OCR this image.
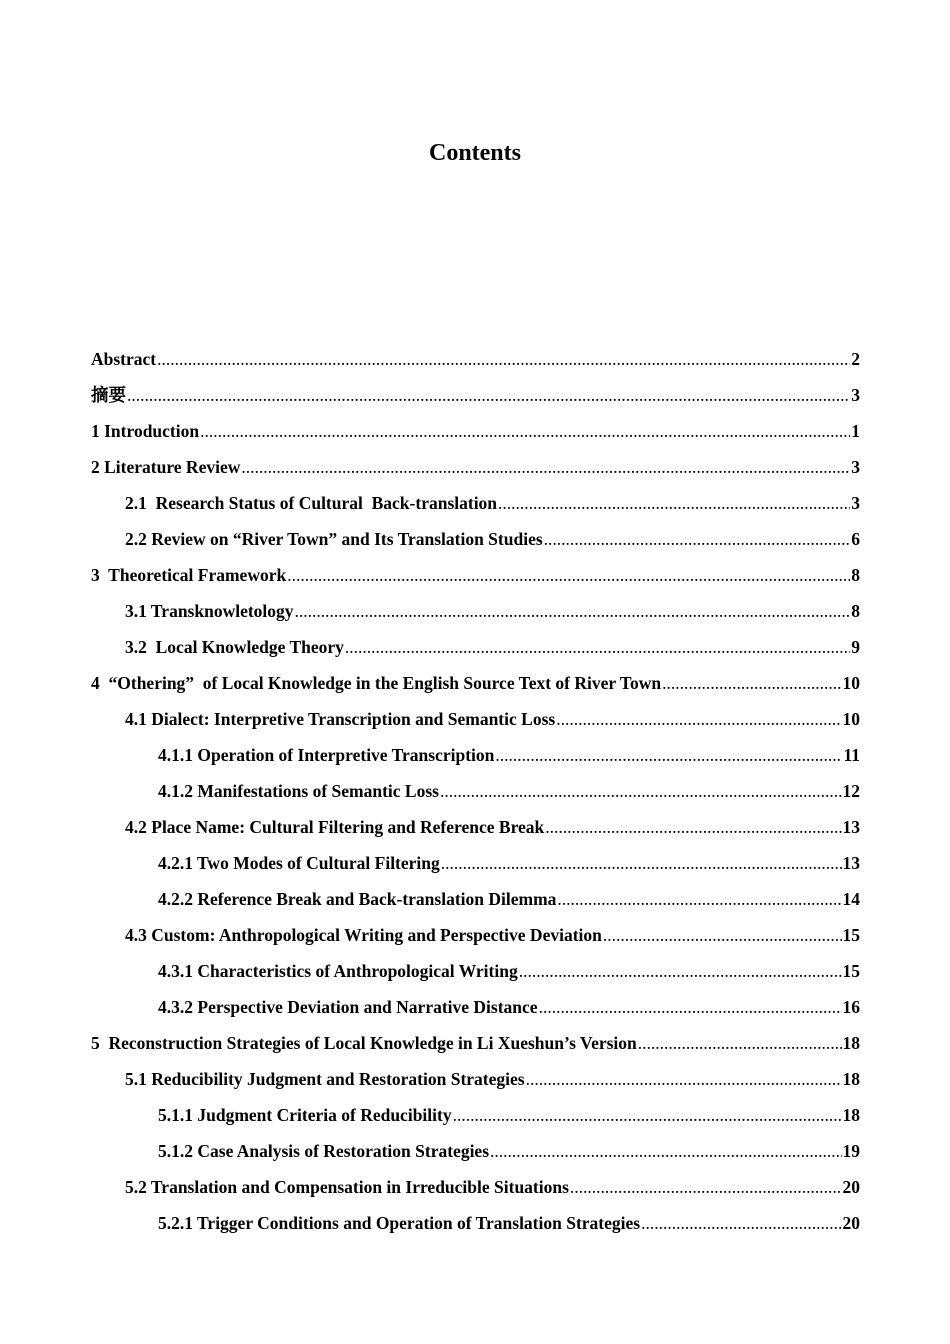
Contents
Abstract .....	2
摘要 .....	3
1 Introduction .....	1
2 Literature Review .....	3
2.1  Research Status of Cultural  Back-translation .....	3
2.2 Review on “River Town” and Its Translation Studies .....	6
3  Theoretical Framework .....	8
3.1 Transknowletology .....	8
3.2  Local Knowledge Theory .....	9
4  “Othering”  of Local Knowledge in the English Source Text of River Town .....	10
4.1 Dialect: Interpretive Transcription and Semantic Loss .....	10
4.1.1 Operation of Interpretive Transcription .....	11
4.1.2 Manifestations of Semantic Loss .....	12
4.2 Place Name: Cultural Filtering and Reference Break .....	13
4.2.1 Two Modes of Cultural Filtering .....	13
4.2.2 Reference Break and Back-translation Dilemma .....	14
4.3 Custom: Anthropological Writing and Perspective Deviation .....	15
4.3.1 Characteristics of Anthropological Writing .....	15
4.3.2 Perspective Deviation and Narrative Distance .....	16
5  Reconstruction Strategies of Local Knowledge in Li Xueshun’s Version .....	18
5.1 Reducibility Judgment and Restoration Strategies .....	18
5.1.1 Judgment Criteria of Reducibility .....	18
5.1.2 Case Analysis of Restoration Strategies .....	19
5.2 Translation and Compensation in Irreducible Situations .....	20
5.2.1 Trigger Conditions and Operation of Translation Strategies .....	20
